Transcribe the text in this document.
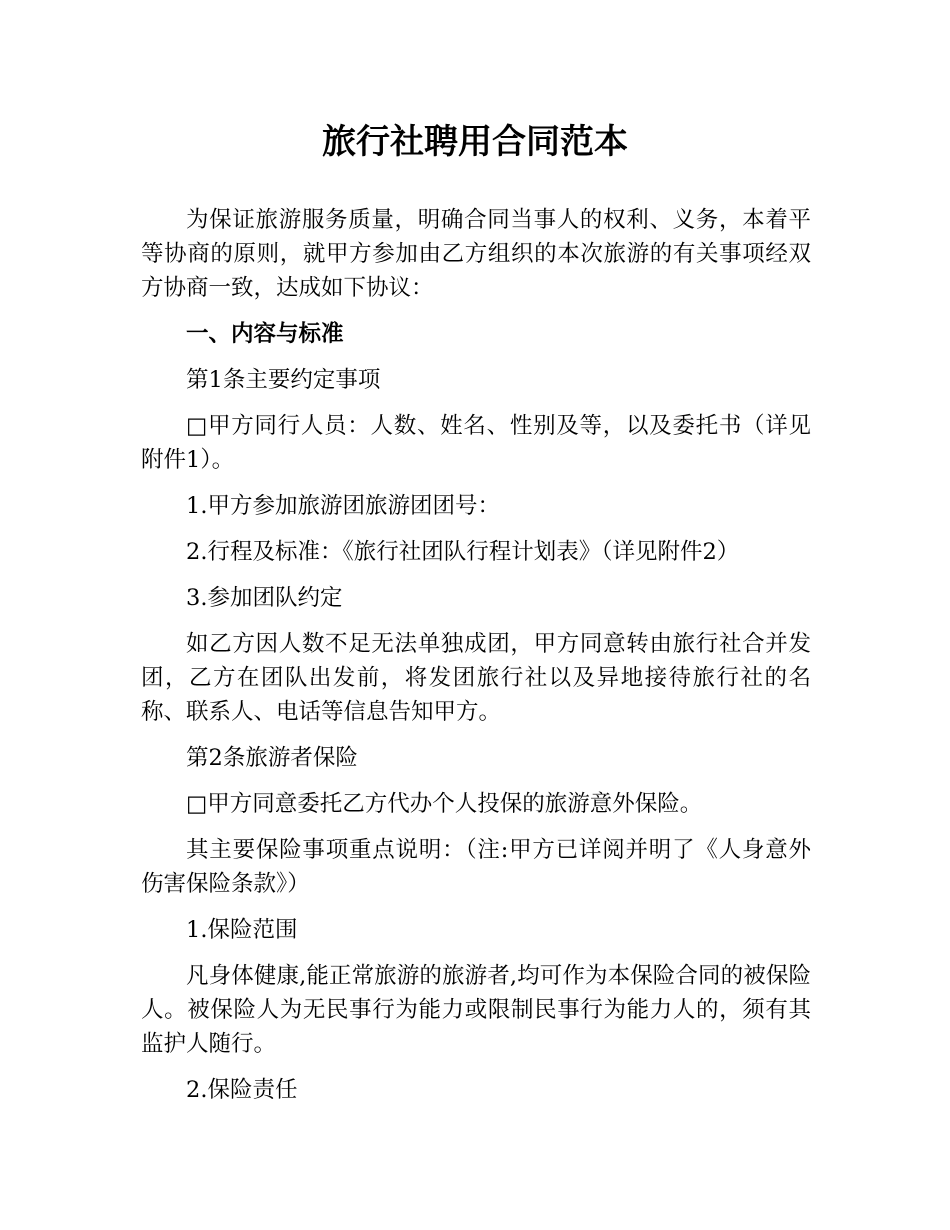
旅行社聘用合同范本

为保证旅游服务质量，明确合同当事人的权利、义务，本着平等协商的原则，就甲方参加由乙方组织的本次旅游的有关事项经双方协商一致，达成如下协议：

一、内容与标准

第1条主要约定事项

□甲方同行人员：人数、姓名、性别及等，以及委托书（详见附件1）。

1.甲方参加旅游团旅游团团号：

2.行程及标准：《旅行社团队行程计划表》（详见附件2）

3.参加团队约定

如乙方因人数不足无法单独成团，甲方同意转由旅行社合并发团，乙方在团队出发前，将发团旅行社以及异地接待旅行社的名称、联系人、电话等信息告知甲方。

第2条旅游者保险

□甲方同意委托乙方代办个人投保的旅游意外保险。

其主要保险事项重点说明：（注:甲方已详阅并明了《人身意外伤害保险条款》）

1.保险范围

凡身体健康,能正常旅游的旅游者,均可作为本保险合同的被保险人。被保险人为无民事行为能力或限制民事行为能力人的，须有其监护人随行。

2.保险责任
